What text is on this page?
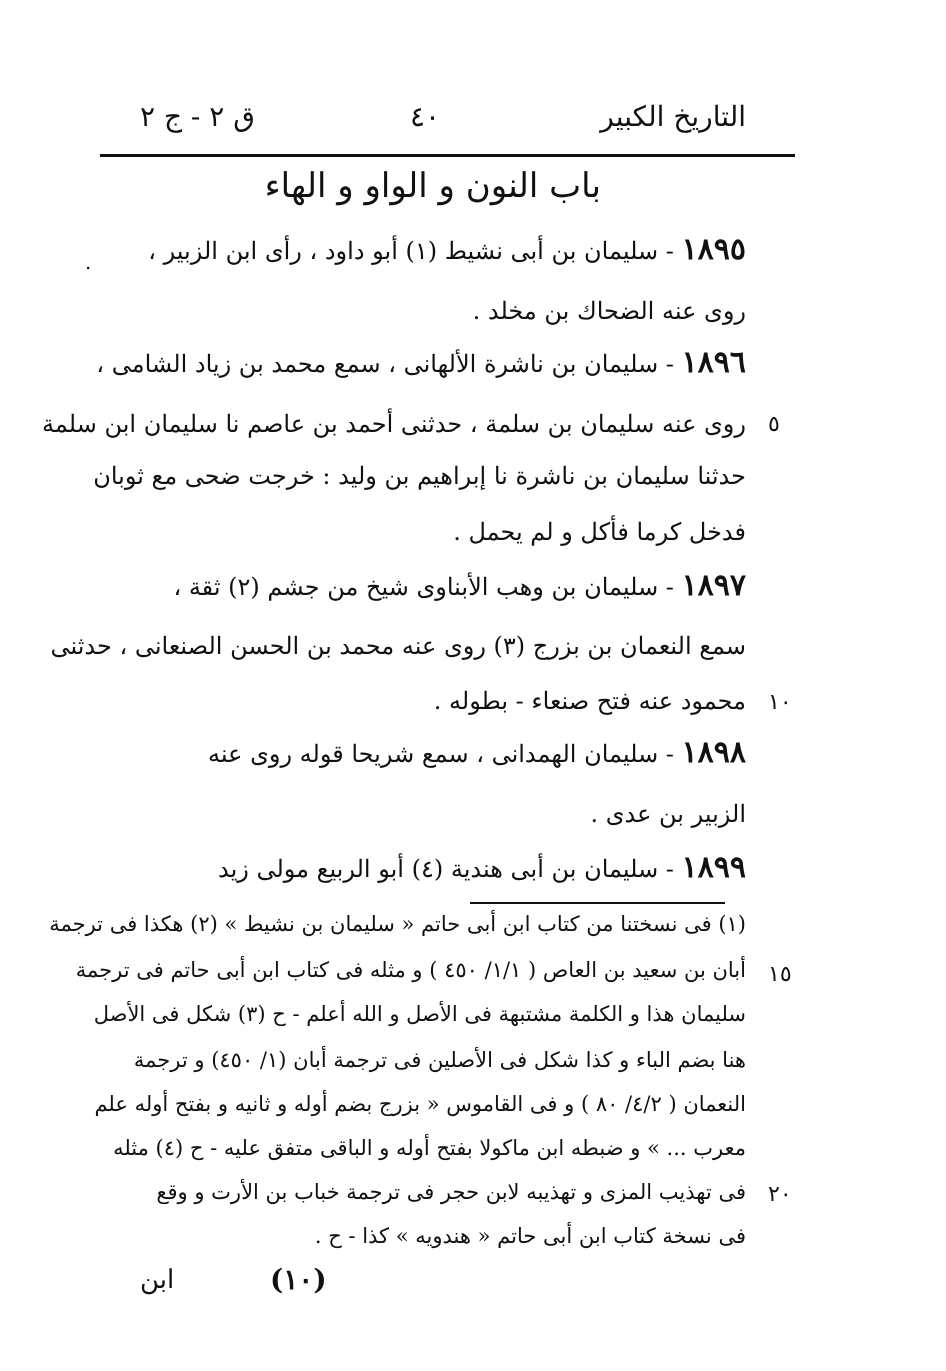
ق ٢ - ج ٢	٤٠	التاريخ الكبير
باب النون و الواو و الهاء
.	١٨٩٥ - سليمان بن أبى نشيط (١) أبو داود ، رأى ابن الزبير ،
روى عنه الضحاك بن مخلد .
١٨٩٦ - سليمان بن ناشرة الألهانى ، سمع محمد بن زياد الشامى ،
روى عنه سليمان بن سلمة ، حدثنى أحمد بن عاصم نا سليمان ابن سلمة
حدثنا سليمان بن ناشرة نا إبراهيم بن وليد : خرجت ضحى مع ثوبان
فدخل كرما فأكل و لم يحمل .
١٨٩٧ - سليمان بن وهب الأبناوى شيخ من جشم (٢) ثقة ،
سمع النعمان بن بزرج (٣) روى عنه محمد بن الحسن الصنعانى ، حدثنى
محمود عنه فتح صنعاء - بطوله .
١٨٩٨ - سليمان الهمدانى ، سمع شريحا قوله روى عنه
الزبير بن عدى .
١٨٩٩ - سليمان بن أبى هندية (٤) أبو الربيع مولى زيد
٥
١٠
١٥
٢٠
(١) فى نسختنا من كتاب ابن أبى حاتم « سليمان بن نشيط » (٢) هكذا فى ترجمة
أبان بن سعيد بن العاص ( ١/١/ ٤٥٠ ) و مثله فى كتاب ابن أبى حاتم فى ترجمة
سليمان هذا و الكلمة مشتبهة فى الأصل و الله أعلم - ح (٣) شكل فى الأصل
هنا بضم الباء و كذا شكل فى الأصلين فى ترجمة أبان (١/ ٤٥٠) و ترجمة
النعمان ( ٤/٢/ ٨٠ ) و فى القاموس « بزرج بضم أوله و ثانيه و بفتح أوله علم
معرب ... » و ضبطه ابن ماكولا بفتح أوله و الباقى متفق عليه - ح (٤) مثله
فى تهذيب المزى و تهذيبه لابن حجر فى ترجمة خباب بن الأرت و وقع
فى نسخة كتاب ابن أبى حاتم « هندويه » كذا - ح .
ابن	(١٠)
